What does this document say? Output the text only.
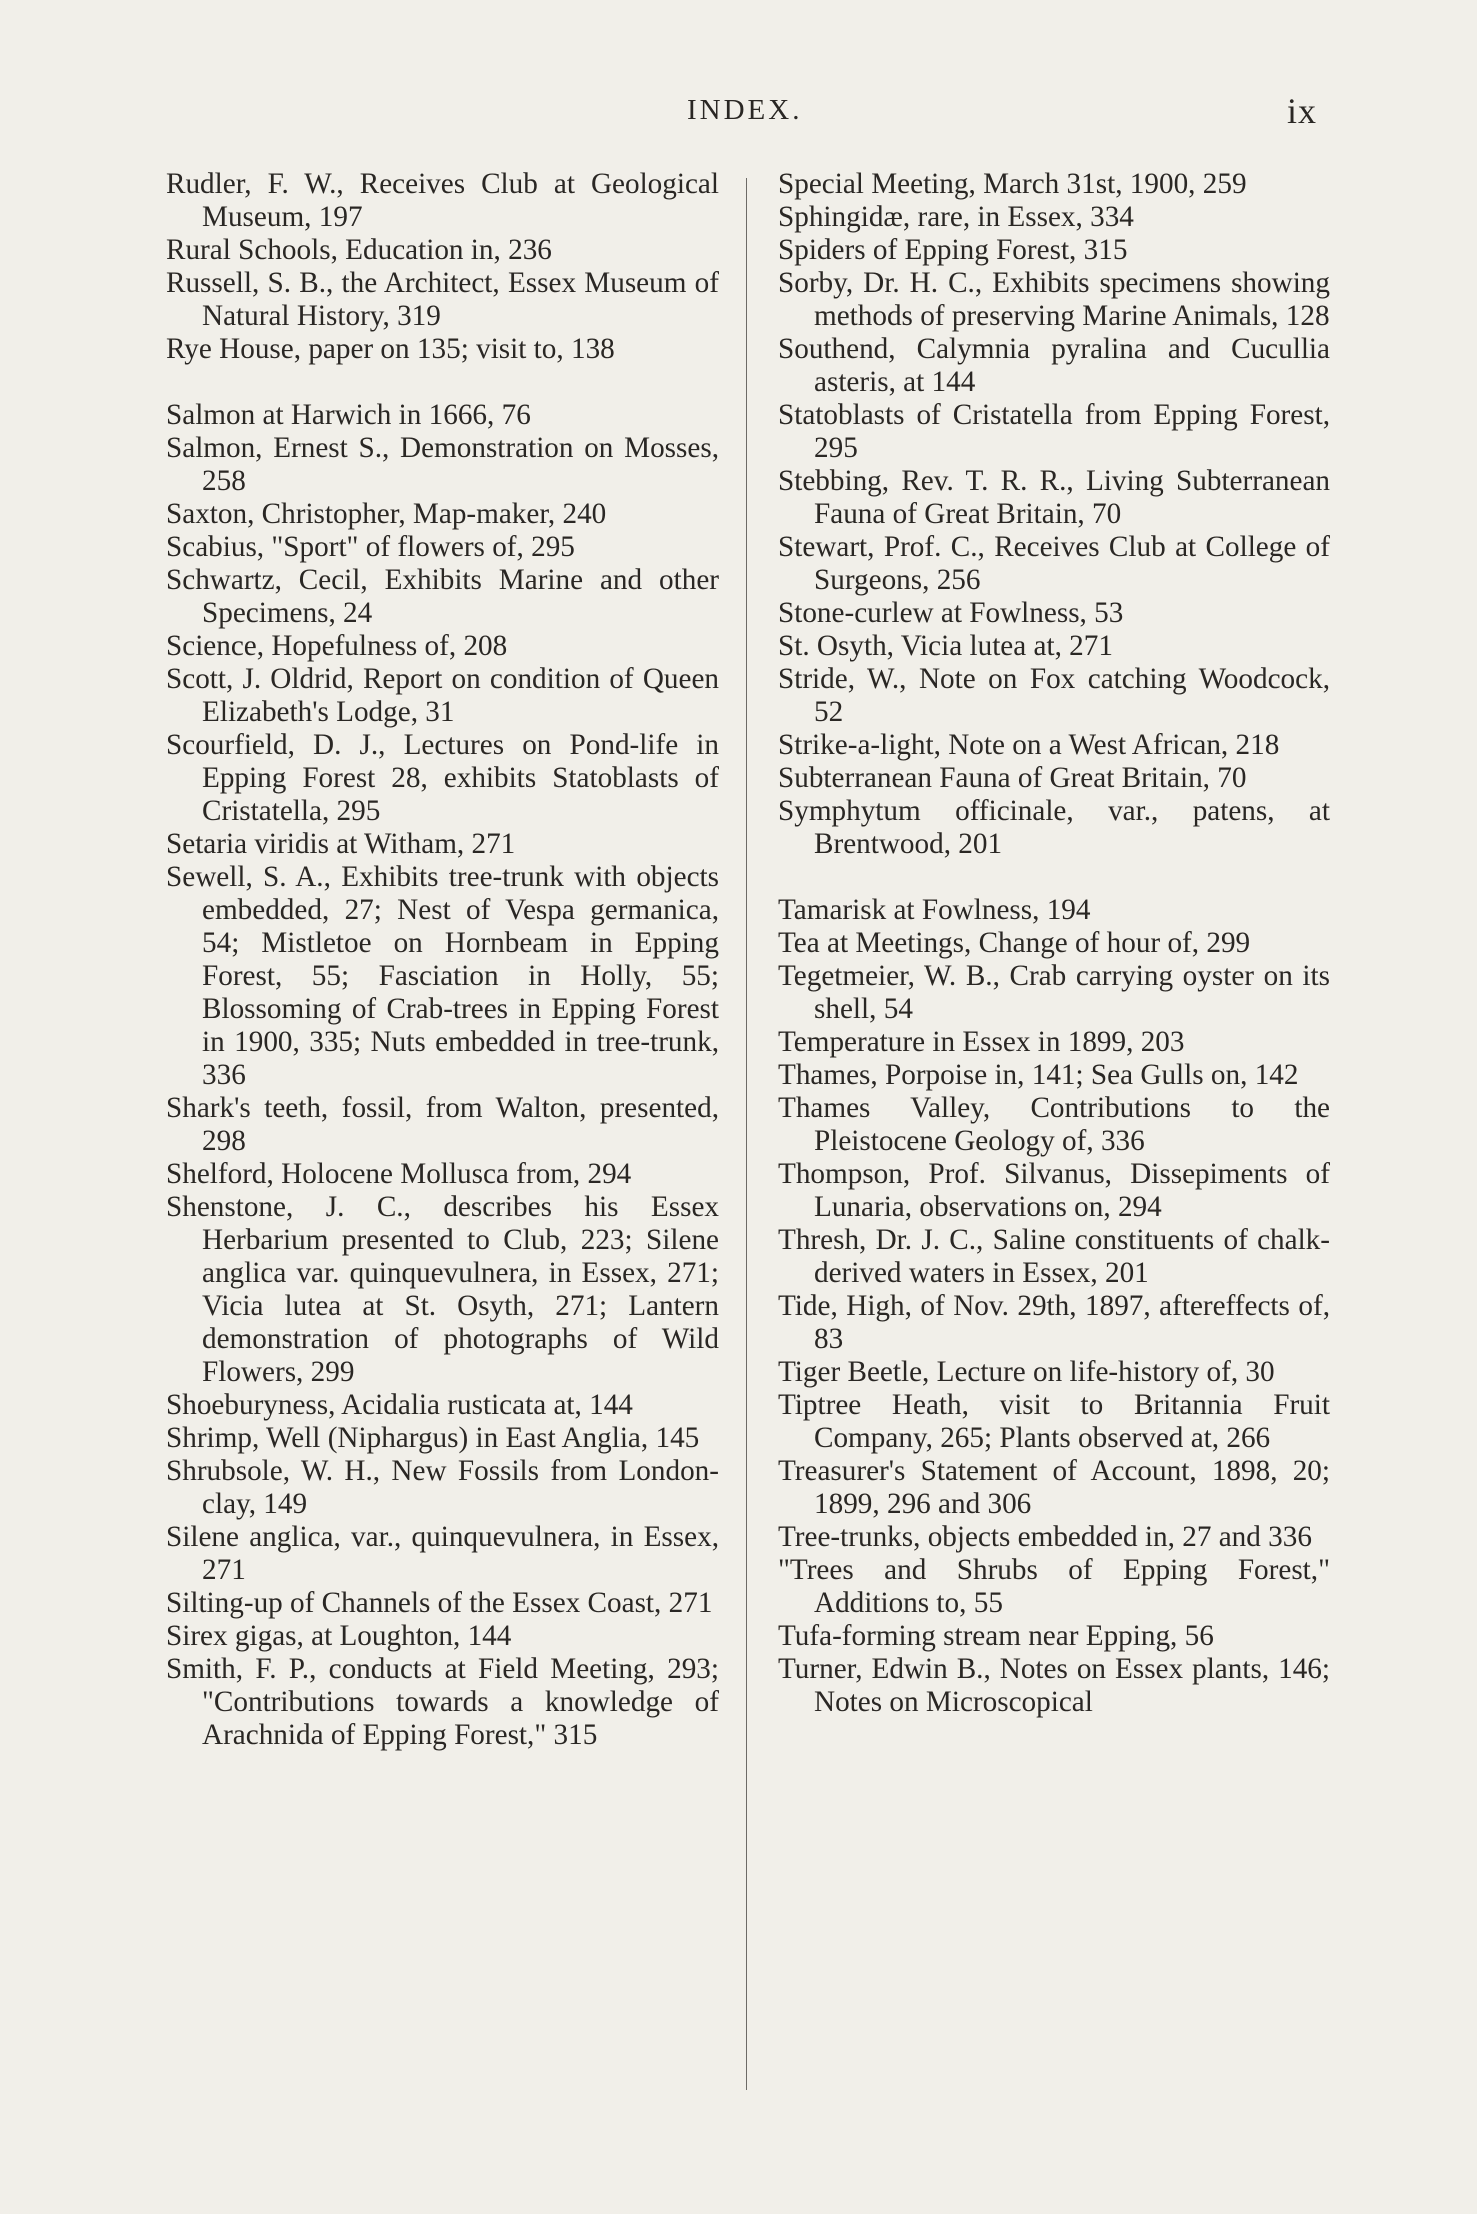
INDEX.	ix

Rudler, F. W., Receives Club at Geological Museum, 197

Rural Schools, Education in, 236

Russell, S. B., the Architect, Essex Museum of Natural History, 319

Rye House, paper on 135; visit to, 138

Salmon at Harwich in 1666, 76

Salmon, Ernest S., Demonstration on Mosses, 258

Saxton, Christopher, Map-maker, 240

Scabius, "Sport" of flowers of, 295

Schwartz, Cecil, Exhibits Marine and other Specimens, 24

Science, Hopefulness of, 208

Scott, J. Oldrid, Report on condition of Queen Elizabeth's Lodge, 31

Scourfield, D. J., Lectures on Pond-life in Epping Forest 28, exhibits Statoblasts of Cristatella, 295

Setaria viridis at Witham, 271

Sewell, S. A., Exhibits tree-trunk with objects embedded, 27; Nest of Vespa germanica, 54; Mistletoe on Hornbeam in Epping Forest, 55; Fasciation in Holly, 55; Blossoming of Crab-trees in Epping Forest in 1900, 335; Nuts embedded in tree-trunk, 336

Shark's teeth, fossil, from Walton, presented, 298

Shelford, Holocene Mollusca from, 294

Shenstone, J. C., describes his Essex Herbarium presented to Club, 223; Silene anglica var. quinquevulnera, in Essex, 271; Vicia lutea at St. Osyth, 271; Lantern demonstration of photographs of Wild Flowers, 299

Shoeburyness, Acidalia rusticata at, 144

Shrimp, Well (Niphargus) in East Anglia, 145

Shrubsole, W. H., New Fossils from London-clay, 149

Silene anglica, var., quinquevulnera, in Essex, 271

Silting-up of Channels of the Essex Coast, 271

Sirex gigas, at Loughton, 144

Smith, F. P., conducts at Field Meeting, 293; "Contributions towards a knowledge of Arachnida of Epping Forest," 315

Special Meeting, March 31st, 1900, 259

Sphingidæ, rare, in Essex, 334

Spiders of Epping Forest, 315

Sorby, Dr. H. C., Exhibits specimens showing methods of preserving Marine Animals, 128

Southend, Calymnia pyralina and Cucullia asteris, at 144

Statoblasts of Cristatella from Epping Forest, 295

Stebbing, Rev. T. R. R., Living Subterranean Fauna of Great Britain, 70

Stewart, Prof. C., Receives Club at College of Surgeons, 256

Stone-curlew at Fowlness, 53

St. Osyth, Vicia lutea at, 271

Stride, W., Note on Fox catching Woodcock, 52

Strike-a-light, Note on a West African, 218

Subterranean Fauna of Great Britain, 70

Symphytum officinale, var., patens, at Brentwood, 201

Tamarisk at Fowlness, 194

Tea at Meetings, Change of hour of, 299

Tegetmeier, W. B., Crab carrying oyster on its shell, 54

Temperature in Essex in 1899, 203

Thames, Porpoise in, 141; Sea Gulls on, 142

Thames Valley, Contributions to the Pleistocene Geology of, 336

Thompson, Prof. Silvanus, Dissepiments of Lunaria, observations on, 294

Thresh, Dr. J. C., Saline constituents of chalk-derived waters in Essex, 201

Tide, High, of Nov. 29th, 1897, aftereffects of, 83

Tiger Beetle, Lecture on life-history of, 30

Tiptree Heath, visit to Britannia Fruit Company, 265; Plants observed at, 266

Treasurer's Statement of Account, 1898, 20; 1899, 296 and 306

Tree-trunks, objects embedded in, 27 and 336

"Trees and Shrubs of Epping Forest," Additions to, 55

Tufa-forming stream near Epping, 56

Turner, Edwin B., Notes on Essex plants, 146; Notes on Microscopical
